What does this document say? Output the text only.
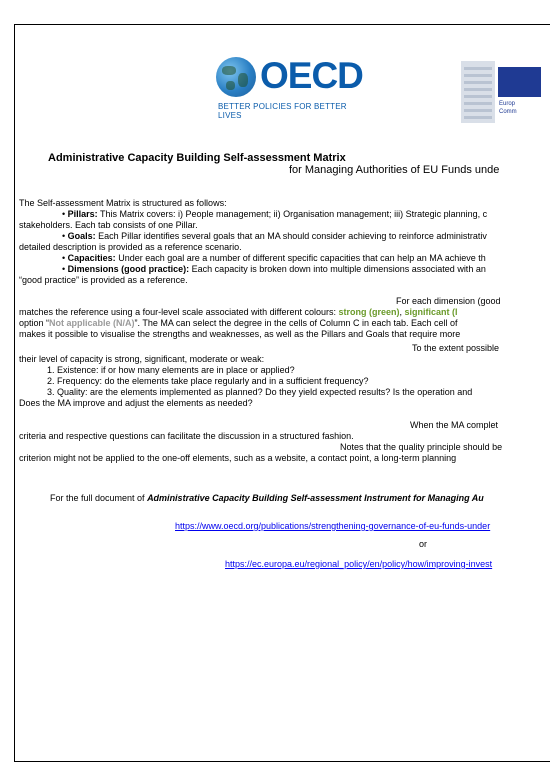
OECD
BETTER POLICIES FOR BETTER LIVES
Europ
Comm
Administrative Capacity Building Self-assessment Matrix
for Managing Authorities of EU Funds unde
The Self-assessment Matrix is structured as follows:
• Pillars: This Matrix covers: i) People management; ii) Organisation management; iii) Strategic planning, c
stakeholders. Each tab consists of one Pillar.
• Goals: Each Pillar identifies several goals that an MA should consider achieving to reinforce administrativ
detailed description is provided as a reference scenario.
• Capacities: Under each goal are a number of different specific capacities that can help an MA achieve th
• Dimensions (good practice): Each capacity is broken down into multiple dimensions associated with an
“good practice” is provided as a reference.
For each dimension (good
matches the reference using a four-level scale associated with different colours: strong (green), significant (l
option “Not applicable (N/A)”. The MA can select the degree in the cells of Column C in each tab. Each cell of
makes it possible to visualise the strengths and weaknesses, as well as the Pillars and Goals that require more
To the extent possible
their level of capacity is strong, significant, moderate or weak:
1. Existence: if or how many elements are in place or applied?
2. Frequency: do the elements take place regularly and in a sufficient frequency?
3. Quality: are the elements implemented as planned? Do they yield expected results? Is the operation and
Does the MA improve and adjust the elements as needed?
When the MA complet
criteria and respective questions can facilitate the discussion in a structured fashion.
Notes that the quality principle should be
criterion might not be applied to the one-off elements, such as a website, a contact point, a long-term planning
For the full document of Administrative Capacity Building Self-assessment Instrument for Managing Au
https://www.oecd.org/publications/strengthening-governance-of-eu-funds-under
or
https://ec.europa.eu/regional_policy/en/policy/how/improving-invest
